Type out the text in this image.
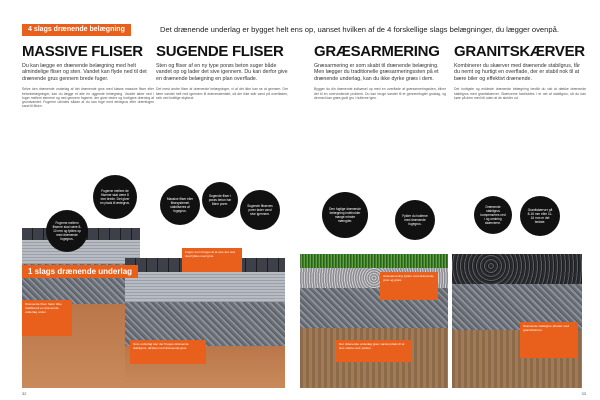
4 slags drænende belægning	Det drænende underlag er bygget helt ens op, uanset hvilken af de 4 forskellige slags belægninger, du lægger ovenpå.
MASSIVE FLISER
Du kan lægge en drænende belægning med helt almindelige fliser og sten. Vandet kan flyde ned til det drænende grus gennem brede fuger.
Selve den drænende underlag af det drænende grus med klasse massive fliser eller betonbelægninger, kan du lægge et alle en uggende belægning. Vandet løber ned i fuger mellem stenene og ned gennem fugerne, der giver bedre og hurtigere dræning af grundvandet. Fugerne udvides sådan at du kan fuge med ærtegrus eller drænfugen sand til flisen.
SUGENDE FLISER
Sten og fliser af en ny type porøs beton suger både vandet op og lader det sive igennem. Du kan derfor give en drænende belægning en plan overflade.
Det mest andre fliser af drænende belægninger, vi af det ikke kan se at gennem. Der fører vandet helt ned igennem til drænmaterialet, så der ikke står vand på overfladen, selv ved kraftige skybrud.
GRÆSARMERING
Græsarmering er som skabt til drænende belægning. Men lægger du traditionelle græsarmeringssten på et drænende underlag, kan du ikke dyrke græs i dem.
Bygger du din drænende indkørsel op med en overflade af græsarmeringssten, bliver det til en overvindende problem. Du kan bruge sandet til et gennemfugtet gruslag, og dermed kan græs godt gro i hullerne igen.
GRANITSKÆRVER
Kombinerer du skærver med drænende stabilgrus, får du nemt og hurtigt en overflade, der er stabil nok til at bære biler og effektivt drænende.
Det hurtigste og enkleste drænende belægning består du vist at dække drænende stabilgrus med granitskærver. Skærverne fastholdes i et net af stabilgrus, så du kan køre på dem med bil uden at de skrider ud.
1 slags drænende underlag
Fugerne mellem de fliserne skal være 8 mm brede. Det giver en plads til ærtegrus.
Fugerne mellem fliserne skal være 8-10 mm og fyldes op med drænende fugegrus.
Massive fliser eller flisesystemet stabiliseres af fugegrus.
Sugende fliser i porøs beton har åbne porer.	Sugende flisernes porer lader vand sive igennem.
Den fugtige drænende belægning indeholder mange mindre mængder.
Fylder du hullerne med drænende fugegrus.
Granitskærver på 8-16 mm eller 11-16 mm er det bedste.
Drænende stabilgrus kompenseres ned i og omkring skærverne.
Drænende fliser hører ikke traditionelt en drænende underlag under.
Fugen som bruges til at sive det ned skal fyldes med grus.
Som underlag kan der bruges drænende stabilgrus, afrettet med drænende grus.
Græsarmering fyldes med drænende grus og græs.
Der drænende underlag giver vandet plads til at sive videre ned i jorden.
Drænende stabilgrus afrettet med granitskærver.
32	33
